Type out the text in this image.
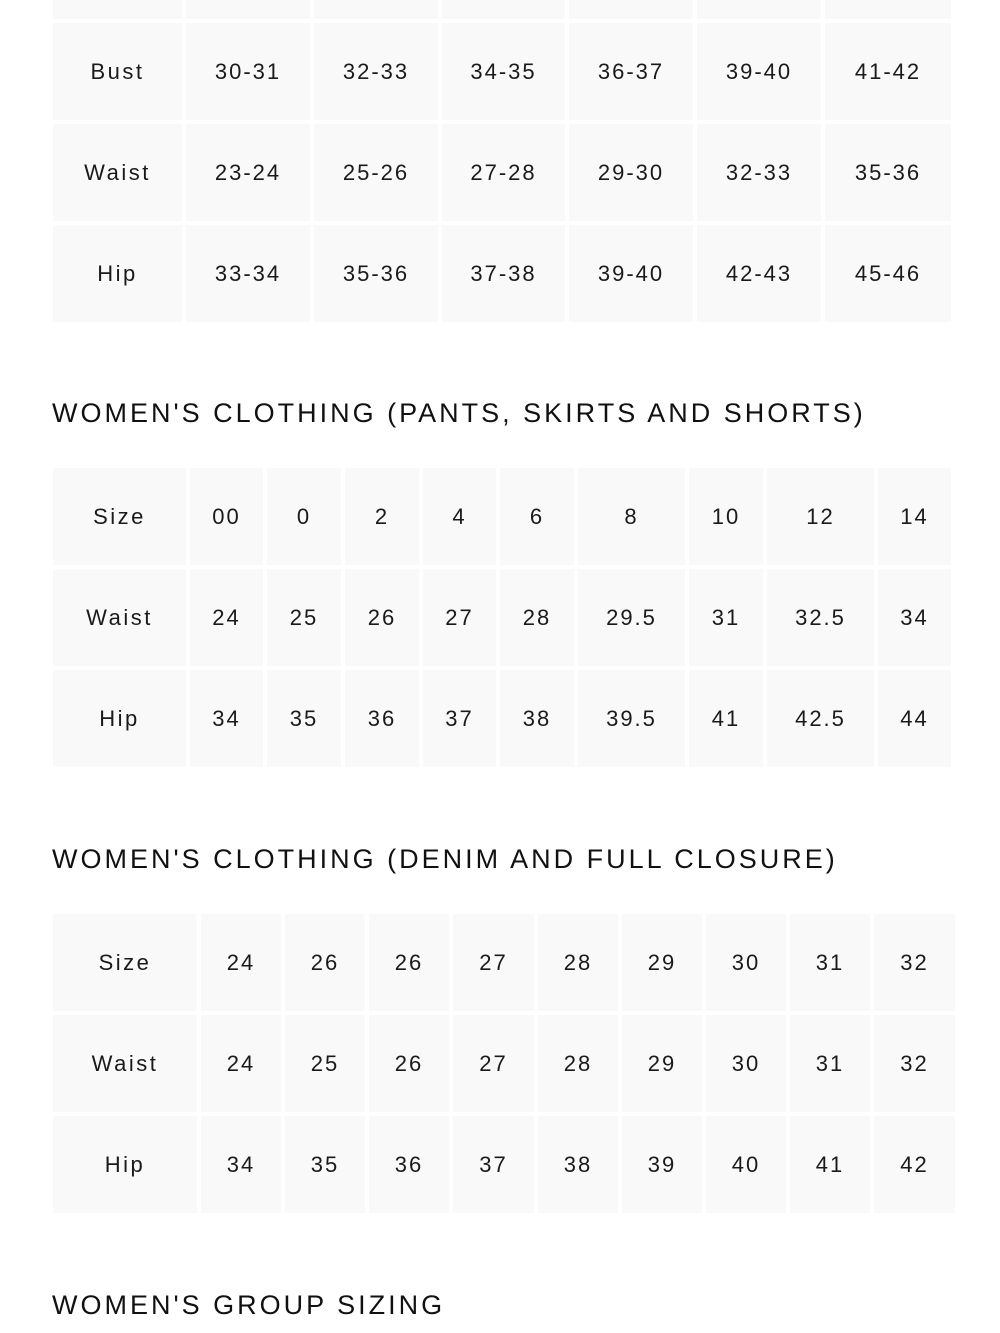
Bust	30-31	32-33	34-35	36-37	39-40	41-42
Waist	23-24	25-26	27-28	29-30	32-33	35-36
Hip	33-34	35-36	37-38	39-40	42-43	45-46
WOMEN'S CLOTHING (PANTS, SKIRTS AND SHORTS)
Size	00	0	2	4	6	8	10	12	14
Waist	24	25	26	27	28	29.5	31	32.5	34
Hip	34	35	36	37	38	39.5	41	42.5	44
WOMEN'S CLOTHING (DENIM AND FULL CLOSURE)
Size	24	26	26	27	28	29	30	31	32
Waist	24	25	26	27	28	29	30	31	32
Hip	34	35	36	37	38	39	40	41	42
WOMEN'S GROUP SIZING
